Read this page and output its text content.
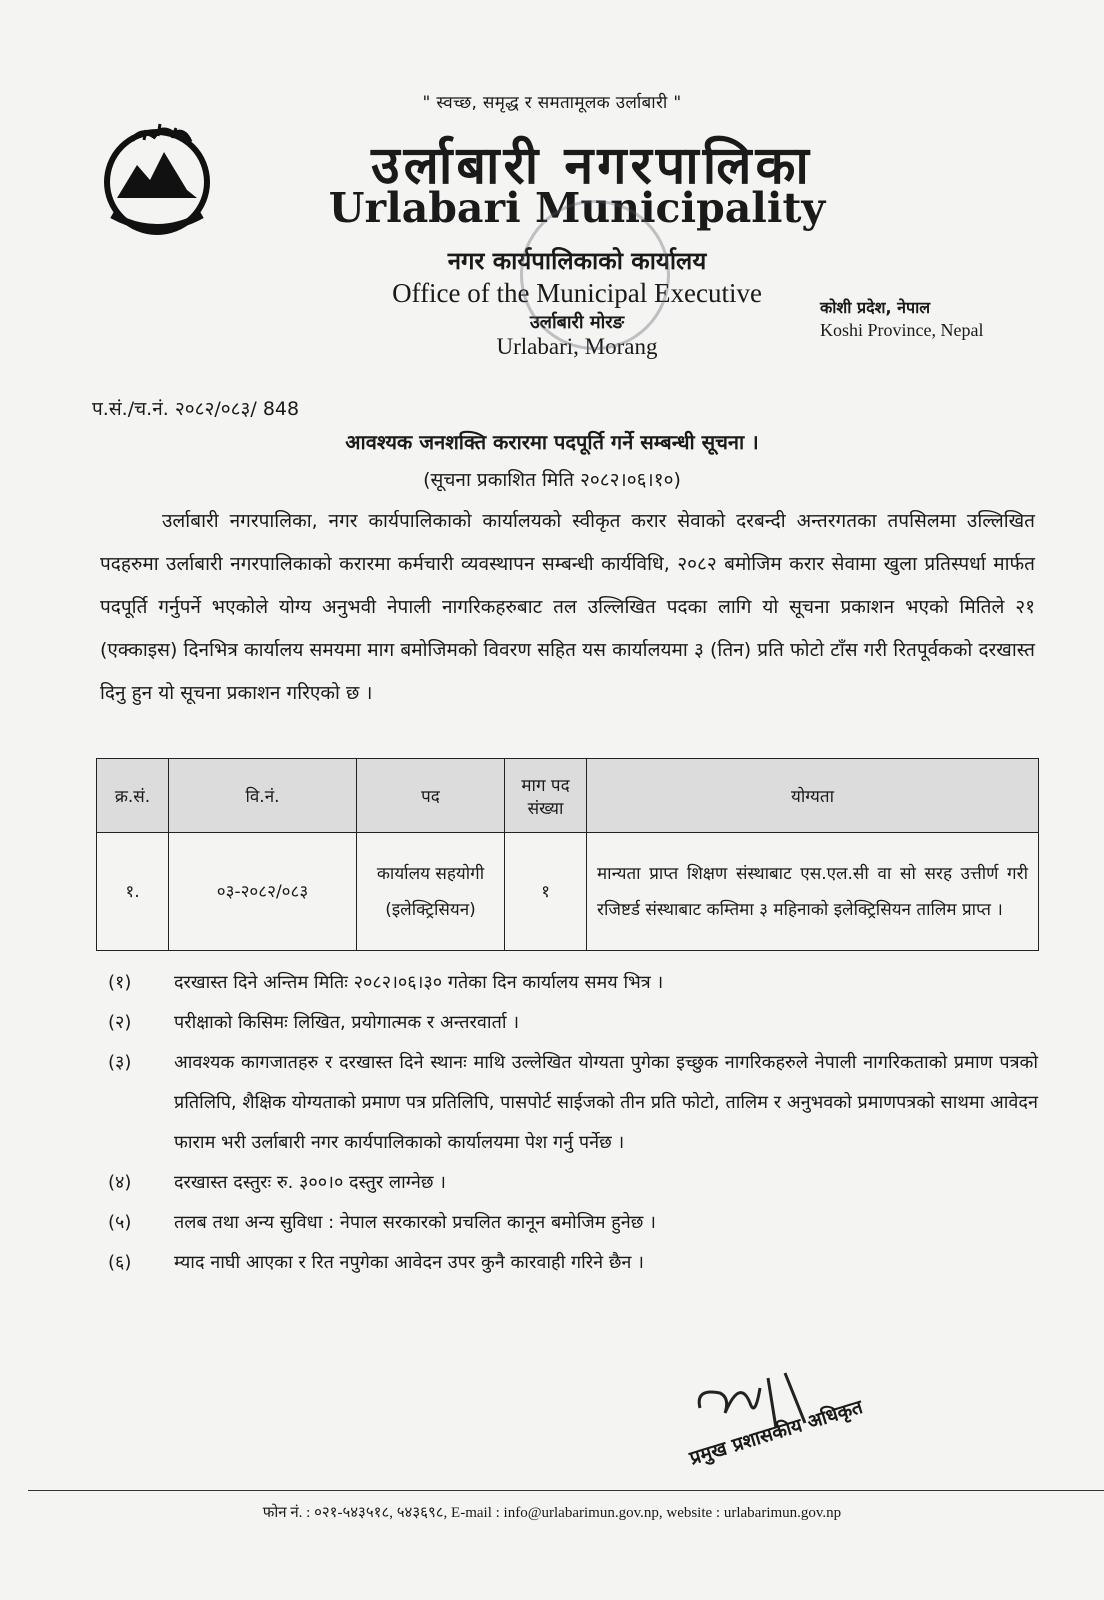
" स्वच्छ, समृद्ध र समतामूलक उर्लाबारी "
उर्लाबारी नगरपालिका
Urlabari Municipality
नगर कार्यपालिकाको कार्यालय
Office of the Municipal Executive
उर्लाबारी मोरङ
Urlabari, Morang
कोशी प्रदेश, नेपाल
Koshi Province, Nepal
प.सं./च.नं. २०८२/०८३/ 848
आवश्यक जनशक्ति करारमा पदपूर्ति गर्ने सम्बन्धी सूचना ।
(सूचना प्रकाशित मिति २०८२।०६।१०)
उर्लाबारी नगरपालिका, नगर कार्यपालिकाको कार्यालयको स्वीकृत करार सेवाको दरबन्दी अन्तरगतका तपसिलमा उल्लिखित पदहरुमा उर्लाबारी नगरपालिकाको करारमा कर्मचारी व्यवस्थापन सम्बन्धी कार्यविधि, २०८२ बमोजिम करार सेवामा खुला प्रतिस्पर्धा मार्फत पदपूर्ति गर्नुपर्ने भएकोले योग्य अनुभवी नेपाली नागरिकहरुबाट तल उल्लिखित पदका लागि यो सूचना प्रकाशन भएको मितिले २१ (एक्काइस) दिनभित्र कार्यालय समयमा माग बमोजिमको विवरण सहित यस कार्यालयमा ३ (तिन) प्रति फोटो टाँस गरी रितपूर्वकको दरखास्त दिनु हुन यो सूचना प्रकाशन गरिएको छ ।
क्र.सं.	वि.नं.	पद	माग पद संख्या	योग्यता
१.	०३-२०८२/०८३	कार्यालय सहयोगी (इलेक्ट्रिसियन)	१	मान्यता प्राप्त शिक्षण संस्थाबाट एस.एल.सी वा सो सरह उत्तीर्ण गरी रजिष्टर्ड संस्थाबाट कम्तिमा ३ महिनाको इलेक्ट्रिसियन तालिम प्राप्त ।
(१)	दरखास्त दिने अन्तिम मितिः २०८२।०६।३० गतेका दिन कार्यालय समय भित्र ।
(२)	परीक्षाको किसिमः लिखित, प्रयोगात्मक र अन्तरवार्ता ।
(३)	आवश्यक कागजातहरु र दरखास्त दिने स्थानः माथि उल्लेखित योग्यता पुगेका इच्छुक नागरिकहरुले नेपाली नागरिकताको प्रमाण पत्रको प्रतिलिपि, शैक्षिक योग्यताको प्रमाण पत्र प्रतिलिपि, पासपोर्ट साईजको तीन प्रति फोटो, तालिम र अनुभवको प्रमाणपत्रको साथमा आवेदन फाराम भरी उर्लाबारी नगर कार्यपालिकाको कार्यालयमा पेश गर्नु पर्नेछ ।
(४)	दरखास्त दस्तुरः रु. ३००।० दस्तुर लाग्नेछ ।
(५)	तलब तथा अन्य सुविधा : नेपाल सरकारको प्रचलित कानून बमोजिम हुनेछ ।
(६)	म्याद नाघी आएका र रित नपुगेका आवेदन उपर कुनै कारवाही गरिने छैन ।
प्रमुख प्रशासकीय अधिकृत
फोन नं. : ०२१-५४३५१८, ५४३६९८, E-mail : info@urlabarimun.gov.np, website : urlabarimun.gov.np
